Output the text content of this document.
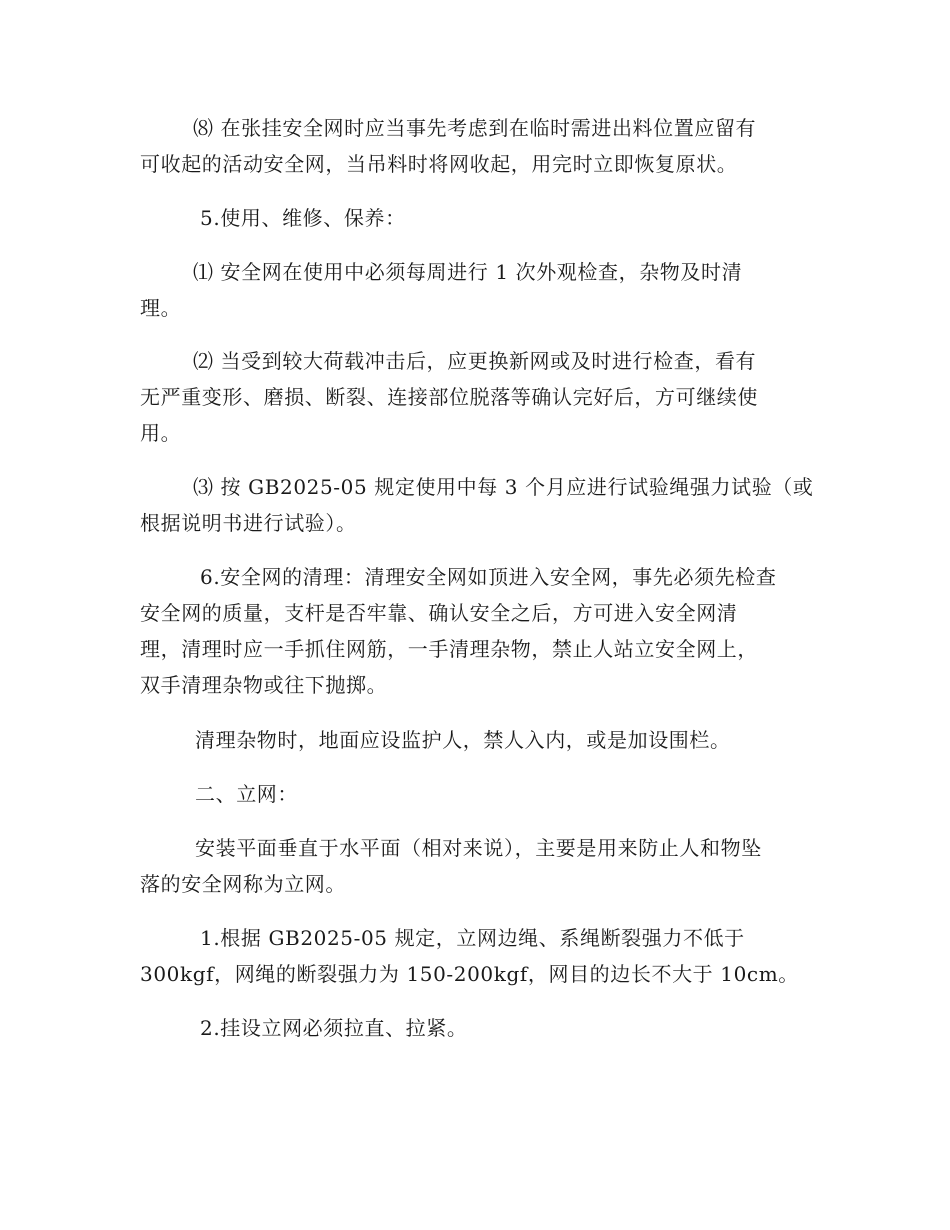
⑻ 在张挂安全网时应当事先考虑到在临时需进出料位置应留有
可收起的活动安全网，当吊料时将网收起，用完时立即恢复原状。
5.使用、维修、保养：
⑴ 安全网在使用中必须每周进行 1 次外观检查，杂物及时清
理。
⑵ 当受到较大荷载冲击后，应更换新网或及时进行检查，看有
无严重变形、磨损、断裂、连接部位脱落等确认完好后，方可继续使
用。
⑶ 按 GB2025-05 规定使用中每 3 个月应进行试验绳强力试验（或
根据说明书进行试验）。
6.安全网的清理：清理安全网如顶进入安全网，事先必须先检查
安全网的质量，支杆是否牢靠、确认安全之后，方可进入安全网清
理，清理时应一手抓住网筋，一手清理杂物，禁止人站立安全网上，
双手清理杂物或往下抛掷。
清理杂物时，地面应设监护人，禁人入内，或是加设围栏。
二、立网：
安装平面垂直于水平面（相对来说），主要是用来防止人和物坠
落的安全网称为立网。
1.根据 GB2025-05 规定，立网边绳、系绳断裂强力不低于
300kgf，网绳的断裂强力为 150-200kgf，网目的边长不大于 10cm。
2.挂设立网必须拉直、拉紧。
